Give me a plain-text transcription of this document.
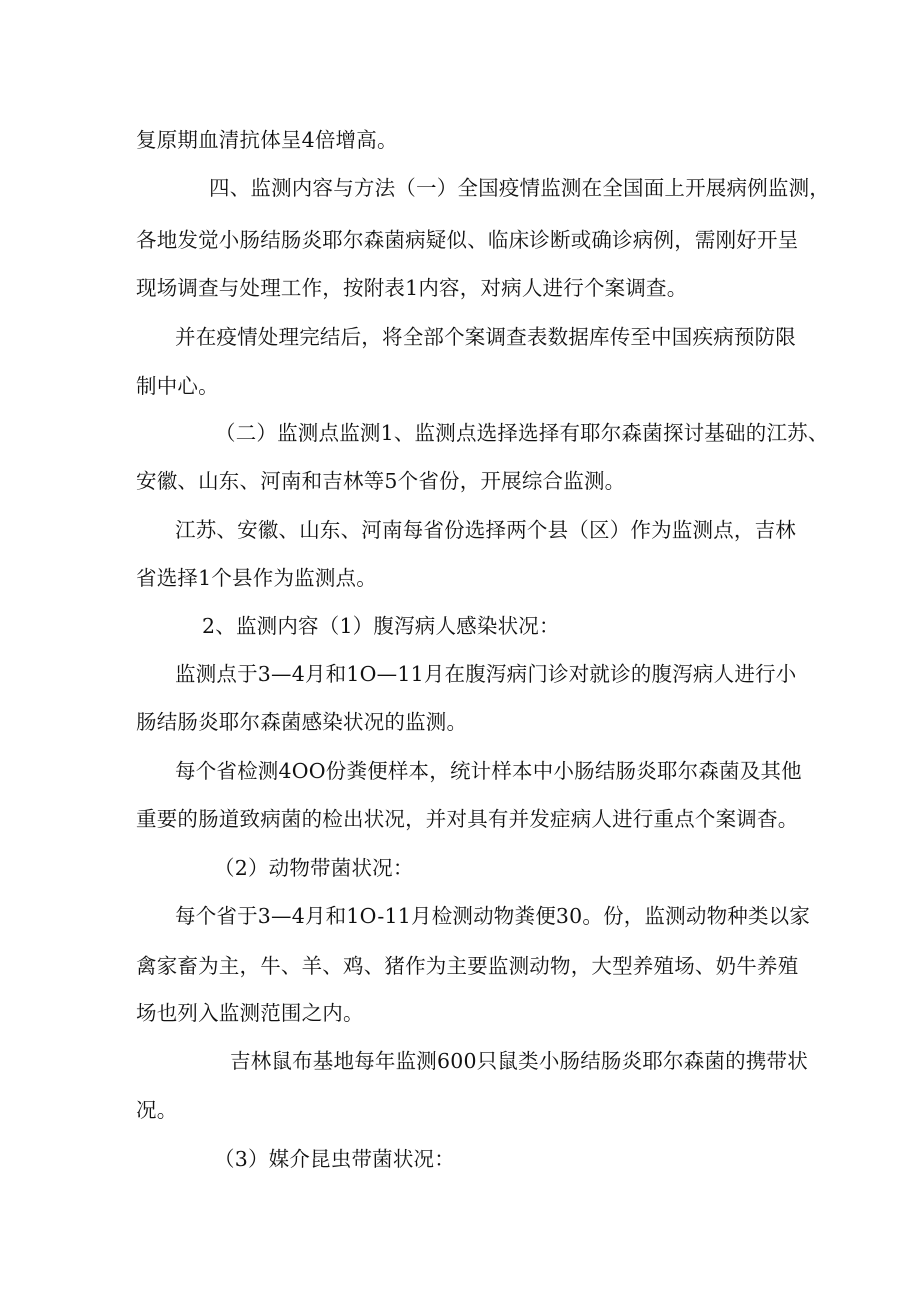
复原期血清抗体呈4倍增高。
四、监测内容与方法（一）全国疫情监测在全国面上开展病例监测，
各地发觉小肠结肠炎耶尔森菌病疑似、临床诊断或确诊病例，需刚好开呈
现场调查与处理工作，按附表1内容，对病人进行个案调查。
并在疫情处理完结后，将全部个案调查表数据库传至中国疾病预防限
制中心。
（二）监测点监测1、监测点选择选择有耶尔森菌探讨基础的江苏、
安徽、山东、河南和吉林等5个省份，开展综合监测。
江苏、安徽、山东、河南每省份选择两个县（区）作为监测点，吉林
省选择1个县作为监测点。
2、监测内容（1）腹泻病人感染状况：
监测点于3—4月和1O—11月在腹泻病门诊对就诊的腹泻病人进行小
肠结肠炎耶尔森菌感染状况的监测。
每个省检测4OO份粪便样本，统计样本中小肠结肠炎耶尔森菌及其他
重要的肠道致病菌的检出状况，并对具有并发症病人进行重点个案调杳。
（2）动物带菌状况：
每个省于3—4月和1O-11月检测动物粪便30。份，监测动物种类以家
禽家畜为主，牛、羊、鸡、猪作为主要监测动物，大型养殖场、奶牛养殖
场也列入监测范围之内。
吉林鼠布基地每年监测600只鼠类小肠结肠炎耶尔森菌的携带状
况。
（3）媒介昆虫带菌状况：
